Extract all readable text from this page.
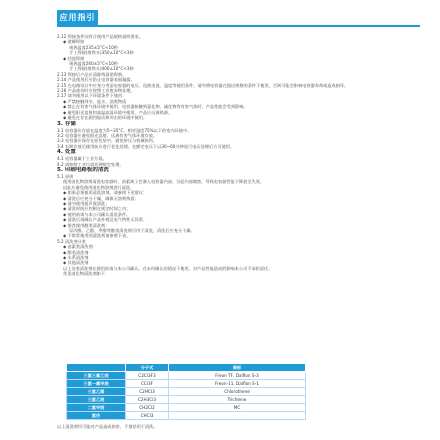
应用指引
2.12 焊接条件因符合使用产品规格说明要求。
◆ 波峰焊接
预热温度235±5°C<10秒
手工焊接(烙铁头)350±10°C<3秒
◆ 回流焊接
预热温度260±5°C<10秒
手工焊接(烙铁头)400±10°C<3秒
2.13 焊接后产品应清除残留助焊剂。
2.14 产品使用后应防止电容器表面凝露。
2.15 在电路设计中应充分考虑电容器的电压、纹波电流、温度等使用条件，请勿将电容器在超出规格的条件下使用，否则可能会影响电容器寿命或造成损坏。
2.16 产品废弃时应按照工业废弃物处理。
2.17 请勿使用以下环境条件下使用：
◆ 严禁接触到水、盐水、油类物质
◆ 禁止在有害气体环境中使用，电容器接触到氯化物、硫化物等有害气体时，产品性能会受到影响。
◆ 避免阳光直射和高温高湿环境中使用，产品应远离热源。
◆ 避免在存在剧烈振动和冲击的环境中使用。
3. 存储
3.1 电容器应存放在温度为5~35°C、相对湿度75%以下的室内环境中。
3.2 电容器应避免阳光直射，远离有害气体环境存放。
3.3 电容器应保存在原包装中，避免挤压与机械损伤。
3.4 长期存放后使用前应进行老化处理，在额定电压下以30~60分钟进行电压处理后方可使用。
4. 处置
4.1 电容器属于工业垃圾。
4.2 请按照工业垃圾处理规定处理。
5. 印刷电路板的清洗
5.1 原则
使用卤化物溶剂清洗电容器时，卤素离子会渗入电容器内部，引起内部腐蚀，导致电容器性能下降甚至失效，
因此应避免使用卤化物溶剂进行清洗。
◆ 如果必须使用清洗溶剂，请参照下述建议：
◆ 清洗后应充分干燥，确保无溶剂残留；
◆ 请勿使用超声波清洗；
◆ 清洗时间应控制在规定时间之内；
◆ 使用前请与本公司确认清洗条件。
◆ 清洗后请确认产品外观及电气特性无异常。
◆ 推荐使用醇类清洗剂：
异丙醇、乙醇、甲醇等醇类清洗剂可用于清洗，清洗后应充分干燥。
◆ 不推荐使用的清洗剂请参照下表。
5.2 清洗剂分类
◆ 卤素类清洗剂
◆ 醇类清洗剂
◆ 水系清洗剂
◆ 其他清洗剂
以上各类清洗剂在使用前请与本公司确认，在未经确认的情况下使用，对产品性能造成的影响本公司不承担责任。
常见卤化物清洗剂如下：
	分子式	商标
三氯三氟乙烷	C2Cl3F3	Freon TF, Daiflon S-3
三氯一氟甲烷	CCl3F	Freon-11, Daiflon S-1
三氯乙烯	C2HCl3	Chlorothene
三氯乙烷	C2H3Cl3	Trichlene
二氯甲烷	CH2Cl2	MC
氯仿	CHCl3	
以上清洗剂均可能对产品造成损害，不推荐用于清洗。
